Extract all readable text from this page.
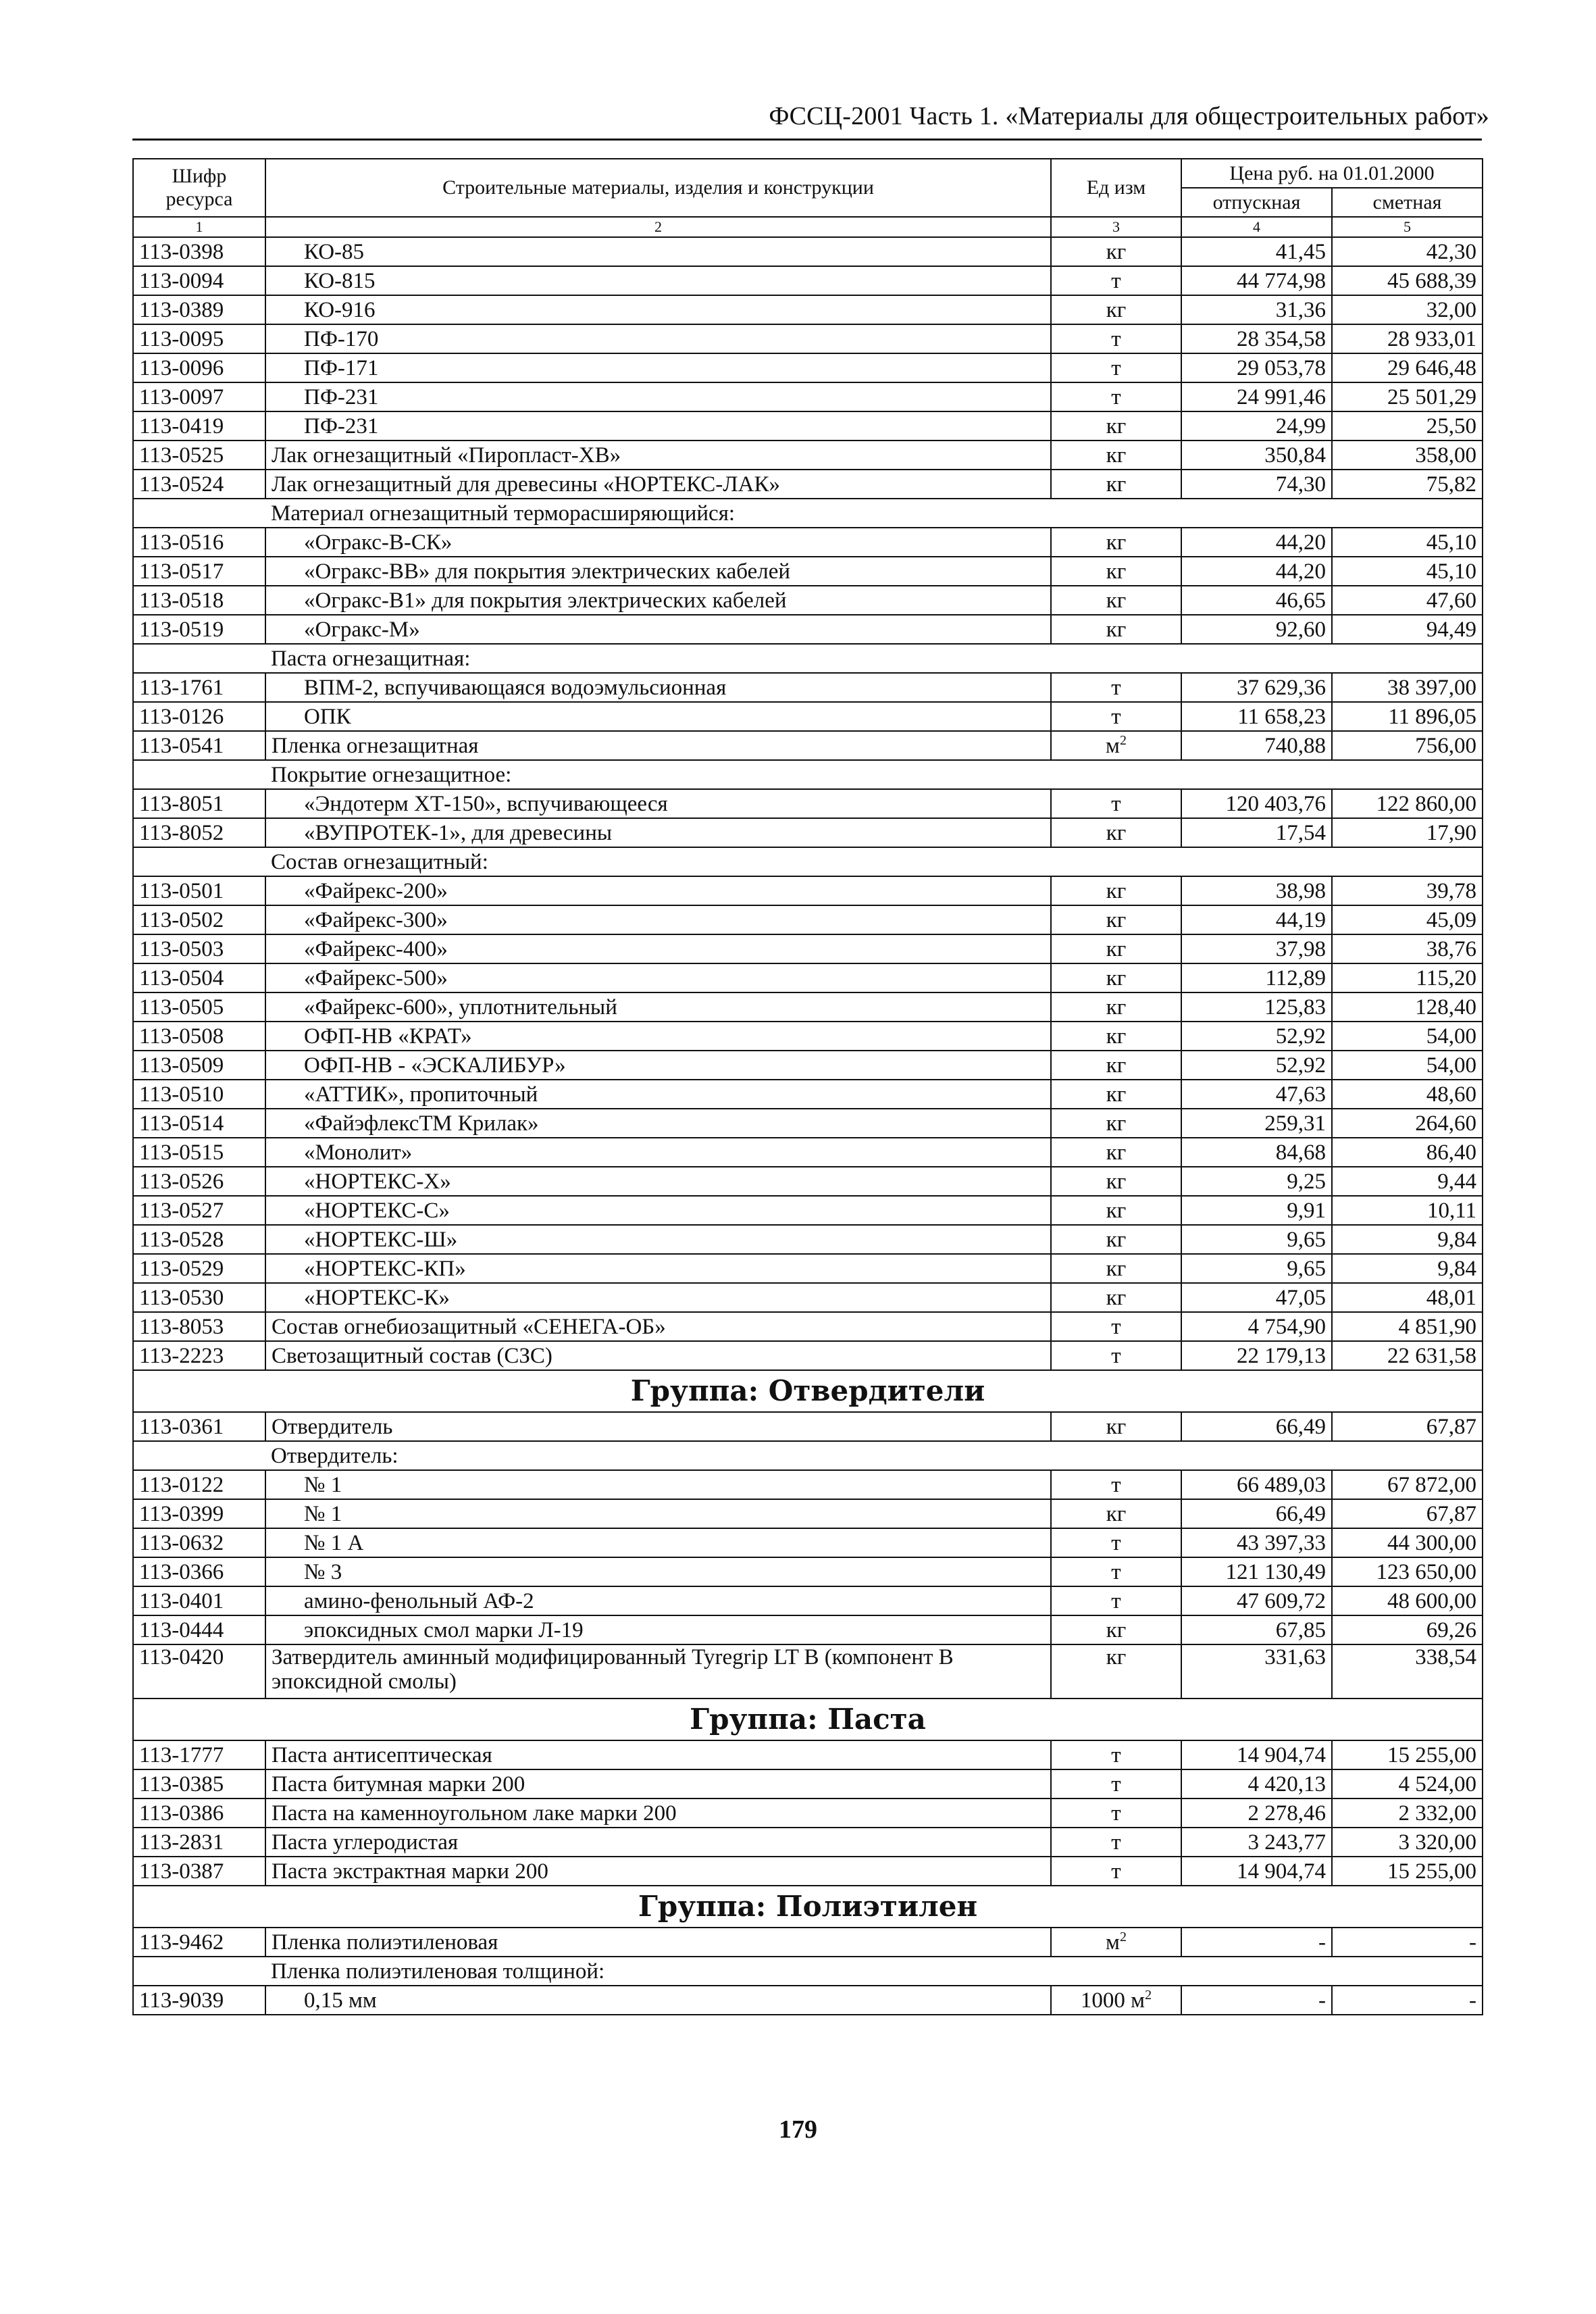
ФССЦ-2001 Часть 1. «Материалы для общестроительных работ»
Шифр ресурса	Строительные материалы, изделия и конструкции	Ед изм	Цена руб. на 01.01.2000	
			отпускная	сметная
1	2	3	4	5
113-0398	КО-85	кг	41,45	42,30
113-0094	КО-815	т	44 774,98	45 688,39
113-0389	КО-916	кг	31,36	32,00
113-0095	ПФ-170	т	28 354,58	28 933,01
113-0096	ПФ-171	т	29 053,78	29 646,48
113-0097	ПФ-231	т	24 991,46	25 501,29
113-0419	ПФ-231	кг	24,99	25,50
113-0525	Лак огнезащитный «Пиропласт-ХВ»	кг	350,84	358,00
113-0524	Лак огнезащитный для древесины «НОРТЕКС-ЛАК»	кг	74,30	75,82
	Материал огнезащитный терморасширяющийся:			
113-0516	«Огракс-В-СК»	кг	44,20	45,10
113-0517	«Огракс-ВВ» для покрытия электрических кабелей	кг	44,20	45,10
113-0518	«Огракс-В1» для покрытия электрических кабелей	кг	46,65	47,60
113-0519	«Огракс-М»	кг	92,60	94,49
	Паста огнезащитная:			
113-1761	ВПМ-2, вспучивающаяся водоэмульсионная	т	37 629,36	38 397,00
113-0126	ОПК	т	11 658,23	11 896,05
113-0541	Пленка огнезащитная	$м^2$	740,88	756,00
	Покрытие огнезащитное:			
113-8051	«Эндотерм ХТ-150», вспучивающееся	т	120 403,76	122 860,00
113-8052	«ВУПРОТЕК-1», для древесины	кг	17,54	17,90
	Состав огнезащитный:			
113-0501	«Файрекс-200»	кг	38,98	39,78
113-0502	«Файрекс-300»	кг	44,19	45,09
113-0503	«Файрекс-400»	кг	37,98	38,76
113-0504	«Файрекс-500»	кг	112,89	115,20
113-0505	«Файрекс-600», уплотнительный	кг	125,83	128,40
113-0508	ОФП-НВ «КРАТ»	кг	52,92	54,00
113-0509	ОФП-НВ - «ЭСКАЛИБУР»	кг	52,92	54,00
113-0510	«АТТИК», пропиточный	кг	47,63	48,60
113-0514	«ФайэфлексТМ Крилак»	кг	259,31	264,60
113-0515	«Монолит»	кг	84,68	86,40
113-0526	«НОРТЕКС-Х»	кг	9,25	9,44
113-0527	«НОРТЕКС-С»	кг	9,91	10,11
113-0528	«НОРТЕКС-Ш»	кг	9,65	9,84
113-0529	«НОРТЕКС-КП»	кг	9,65	9,84
113-0530	«НОРТЕКС-К»	кг	47,05	48,01
113-8053	Состав огнебиозащитный «СЕНЕГА-ОБ»	т	4 754,90	4 851,90
113-2223	Светозащитный состав (СЗС)	т	22 179,13	22 631,58
Группа: Отвердители				
113-0361	Отвердитель	кг	66,49	67,87
	Отвердитель:			
113-0122	№ 1	т	66 489,03	67 872,00
113-0399	№ 1	кг	66,49	67,87
113-0632	№ 1 А	т	43 397,33	44 300,00
113-0366	№ 3	т	121 130,49	123 650,00
113-0401	амино-фенольный АФ-2	т	47 609,72	48 600,00
113-0444	эпоксидных смол марки Л-19	кг	67,85	69,26
113-0420	Затвердитель аминный модифицированный Tyregrip LT B (компонент B эпоксидной смолы)	кг	331,63	338,54
Группа: Паста				
113-1777	Паста антисептическая	т	14 904,74	15 255,00
113-0385	Паста битумная марки 200	т	4 420,13	4 524,00
113-0386	Паста на каменноугольном лаке марки 200	т	2 278,46	2 332,00
113-2831	Паста углеродистая	т	3 243,77	3 320,00
113-0387	Паста экстрактная марки 200	т	14 904,74	15 255,00
Группа: Полиэтилен				
113-9462	Пленка полиэтиленовая	$м^2$	-	-
	Пленка полиэтиленовая толщиной:			
113-9039	0,15 мм	1000 $м^2$	-	-
179
